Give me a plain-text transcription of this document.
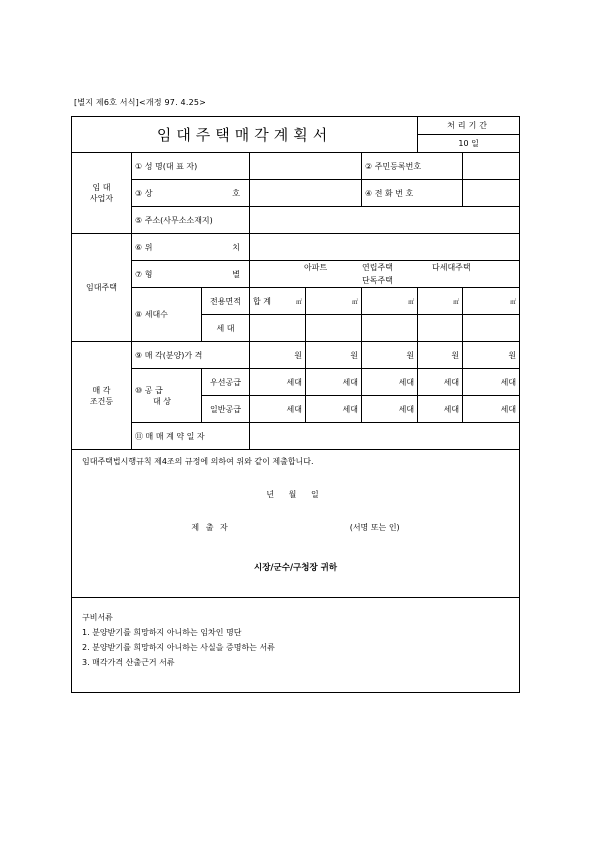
[별지 제6호 서식]<개정 97. 4.25>
임대주택매각계획서						처리기간	
						10 일	

임 대
사업자	① 성 명(대 표 자)				② 주민등록번호		

	③ 상 호				④ 전 화 번 호		
	⑤ 주소(사무소소재지)						
임대주택	⑥ 위 치						

	⑦ 형 별		아파트 연립주택 다세대주택
단독주택				

	⑧ 세대수	전용면적	합 계 ㎡	㎡	㎡	㎡	㎡
		세 대					

매 각
조건등	⑨ 매 각(분양)가 격		원	원	원	원	원

	⑩ 공 급
대 상	우선공급	세대	세대	세대	세대	세대
		일반공급	세대	세대	세대	세대	세대
	⑪ 매 매 계 약 일 자						

임대주택법시행규칙 제4조의 규정에 의하여 위와 같이 제출합니다.
년 월 일
제 출 자 (서명 또는 인)
시장/군수/구청장 귀하							

구비서류
1. 분양받기를 희망하지 아니하는 임차인 명단
2. 분양받기를 희망하지 아니하는 사실을 증명하는 서류
3. 매각가격 산출근거 서류							
